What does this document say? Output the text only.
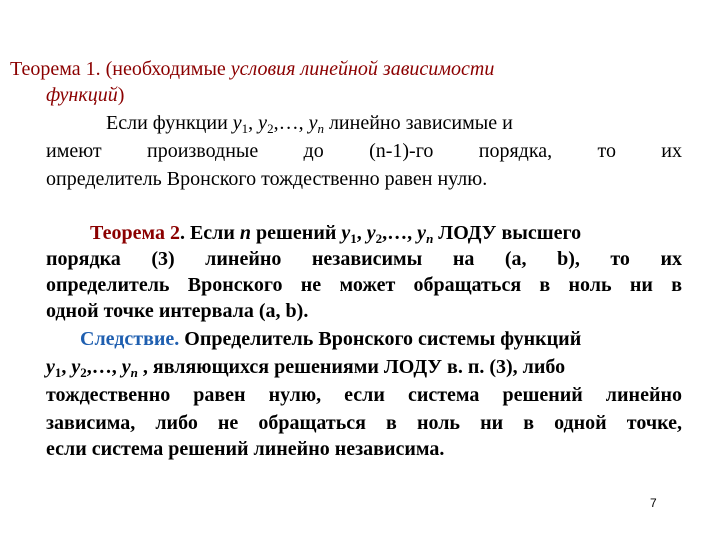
Теорема 1. (необходимые условия линейной зависимости
функций)
Если функции $y_1$, $y_2,\dots$, $y_n$ линейно зависимые и
имеют производные до (n-1)-го порядка, то их
определитель Вронского тождественно равен нулю.
Теорема 2. Если n решений $y_1$, $y_2,\dots$, $y_n$ ЛОДУ высшего
порядка (3) линейно независимы на (a, b), то их
определитель Вронского не может обращаться в ноль ни в
одной точке интервала (a, b).
Следствие. Определитель Вронского системы функций
$y_1$, $y_2,\dots$, $y_n$ , являющихся решениями ЛОДУ в. п. (3), либо
тождественно равен нулю, если система решений линейно
зависима, либо не обращаться в ноль ни в одной точке,
если система решений линейно независима.
7
